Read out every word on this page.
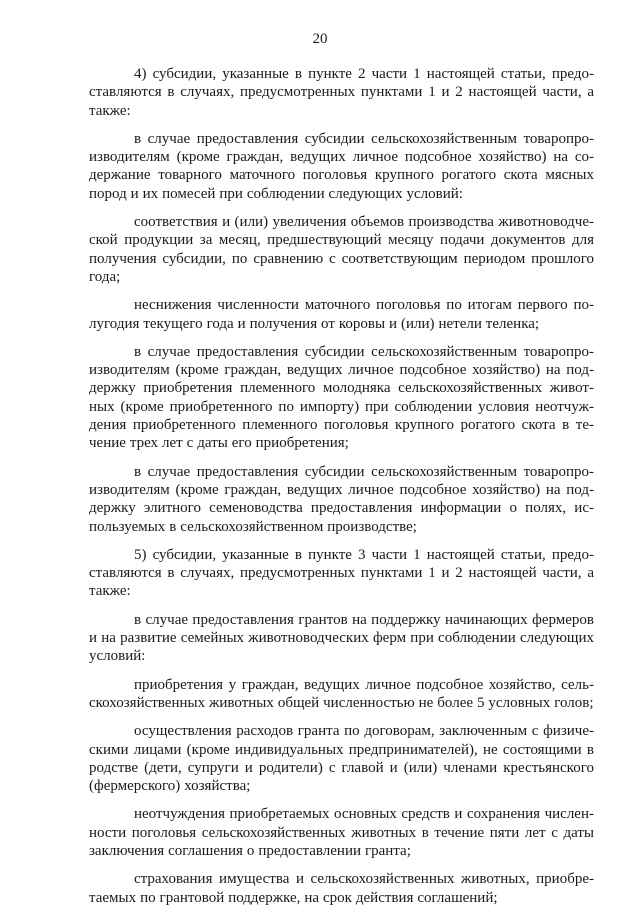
20

4) субсидии, указанные в пункте 2 части 1 настоящей статьи, предоставляются в случаях, предусмотренных пунктами 1 и 2 настоящей части, а также:

в случае предоставления субсидии сельскохозяйственным товаропроизводителям (кроме граждан, ведущих личное подсобное хозяйство) на содержание товарного маточного поголовья крупного рогатого скота мясных пород и их помесей при соблюдении следующих условий:

соответствия и (или) увеличения объемов производства животноводческой продукции за месяц, предшествующий месяцу подачи документов для получения субсидии, по сравнению с соответствующим периодом прошлого года;

неснижения численности маточного поголовья по итогам первого полугодия текущего года и получения от коровы и (или) нетели теленка;

в случае предоставления субсидии сельскохозяйственным товаропроизводителям (кроме граждан, ведущих личное подсобное хозяйство) на поддержку приобретения племенного молодняка сельскохозяйственных животных (кроме приобретенного по импорту) при соблюдении условия неотчуждения приобретенного племенного поголовья крупного рогатого скота в течение трех лет с даты его приобретения;

в случае предоставления субсидии сельскохозяйственным товаропроизводителям (кроме граждан, ведущих личное подсобное хозяйство) на поддержку элитного семеноводства предоставления информации о полях, используемых в сельскохозяйственном производстве;

5) субсидии, указанные в пункте 3 части 1 настоящей статьи, предоставляются в случаях, предусмотренных пунктами 1 и 2 настоящей части, а также:

в случае предоставления грантов на поддержку начинающих фермеров и на развитие семейных животноводческих ферм при соблюдении следующих условий:

приобретения у граждан, ведущих личное подсобное хозяйство, сельскохозяйственных животных общей численностью не более 5 условных голов;

осуществления расходов гранта по договорам, заключенным с физическими лицами (кроме индивидуальных предпринимателей), не состоящими в родстве (дети, супруги и родители) с главой и (или) членами крестьянского (фермерского) хозяйства;

неотчуждения приобретаемых основных средств и сохранения численности поголовья сельскохозяйственных животных в течение пяти лет с даты заключения соглашения о предоставлении гранта;

страхования имущества и сельскохозяйственных животных, приобретаемых по грантовой поддержке, на срок действия соглашений;
